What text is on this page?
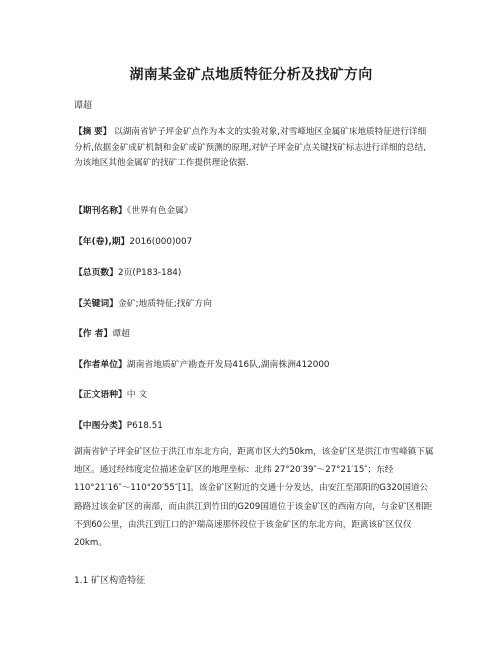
湖南某金矿点地质特征分析及找矿方向
谭超
【摘 要】 以湖南省铲子坪金矿点作为本文的实验对象,对雪峰地区金属矿床地质特征进行详细分析,依据金矿成矿机制和金矿成矿预测的原理,对铲子坪金矿点关键找矿标志进行详细的总结,为该地区其他金属矿的找矿工作提供理论依据.
【期刊名称】《世界有色金属》
【年(卷),期】2016(000)007
【总页数】2页(P183-184)
【关键词】金矿;地质特征;找矿方向
【作 者】谭超
【作者单位】湖南省地质矿产勘查开发局416队,湖南株洲412000
【正文语种】中 文
【中图分类】P618.51
湖南省铲子坪金矿区位于洪江市东北方向，距离市区大约50km，该金矿区是洪江市雪峰镇下属地区。通过经纬度定位描述金矿区的地理坐标：北纬 27°20′39″～27°21′15″；东经 110°21′16″～110°20′55″[1]。该金矿区附近的交通十分发达，由安江至邵阳的G320国道公路路过该金矿区的南部，而由洪江到竹田的G209国道位于该金矿区的西南方向，与金矿区相距不到60公里，由洪江到江口的沪瑞高速那怀段位于该金矿区的东北方向，距离该矿区仅仅20km。
1.1 矿区构造特征
